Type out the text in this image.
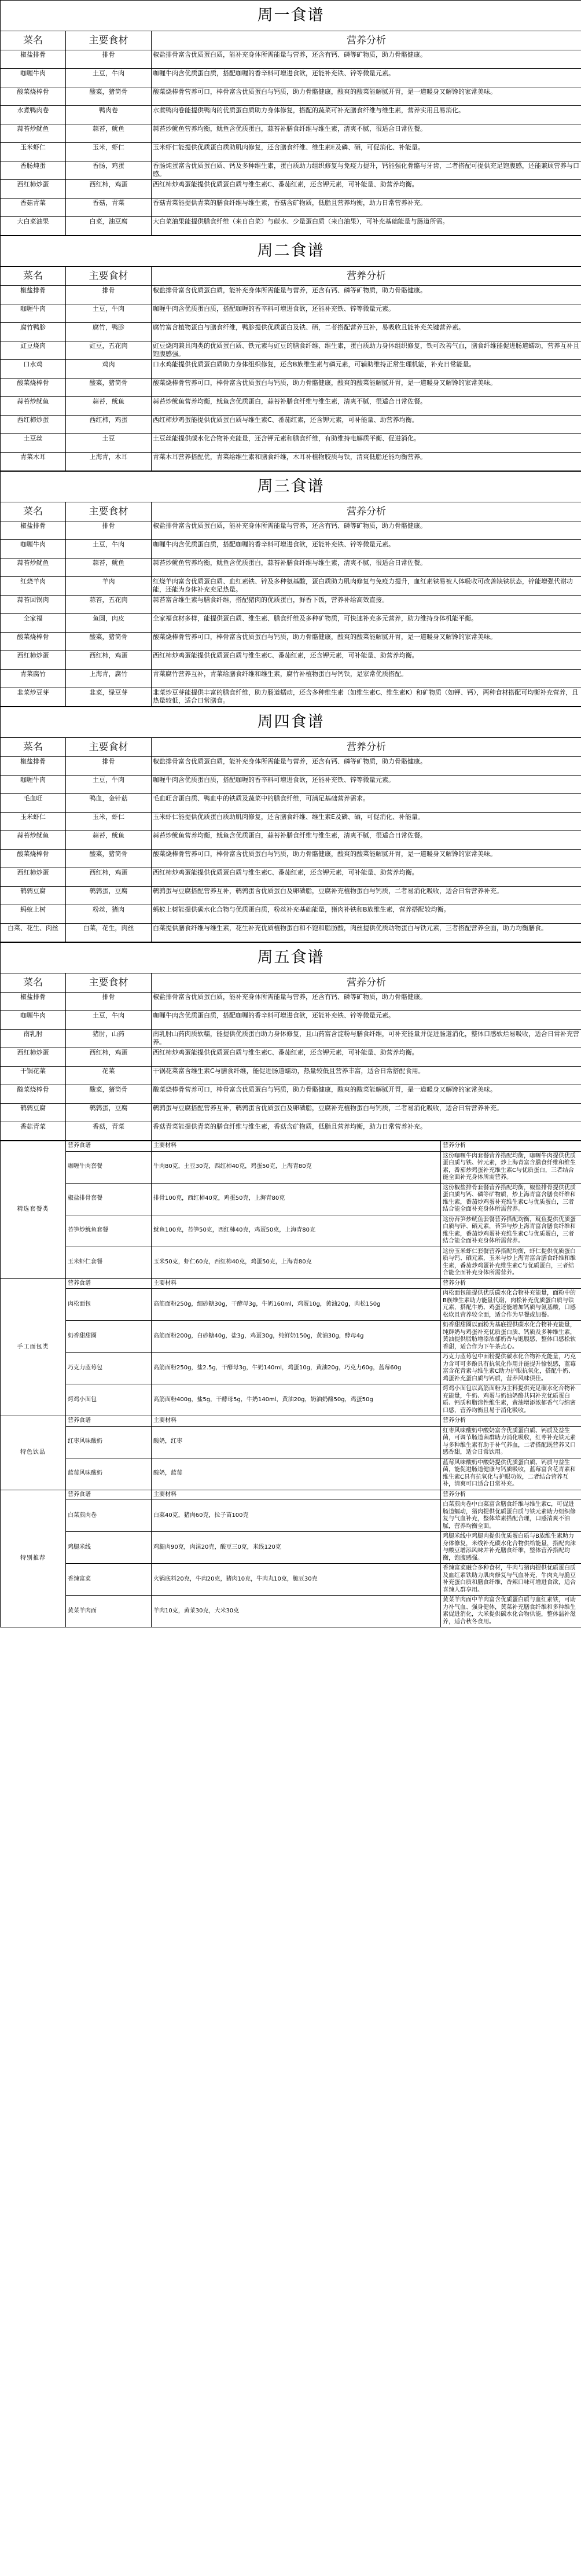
周一食谱		
菜名	主要食材	营养分析
椒盐排骨	排骨	椒盐排骨富含优质蛋白质，能补充身体所需能量与营养，还含有钙、磷等矿物质，助力骨骼健康。
咖喱牛肉	土豆，牛肉	咖喱牛肉含优质蛋白质，搭配咖喱的香辛料可增进食欲，还能补充铁、锌等微量元素。
酸菜烧棒骨	酸菜，猪筒骨	酸菜烧棒骨营养可口，棒骨富含优质蛋白与钙质，助力骨骼健康，酸爽的酸菜能解腻开胃，是一道暖身又解馋的家常美味。
水煮鸭肉卷	鸭肉卷	水煮鸭肉卷能提供鸭肉的优质蛋白质助力身体修复，搭配的蔬菜可补充膳食纤维与维生素，营养实用且易消化。
蒜苔炒鱿鱼	蒜苔，鱿鱼	蒜苔炒鱿鱼营养均衡，鱿鱼含优质蛋白，蒜苔补膳食纤维与维生素，清爽不腻，很适合日常佐餐。
玉米虾仁	玉米，虾仁	玉米虾仁能提供优质蛋白质助肌肉修复，还含膳食纤维、维生素E及磷、硒，可促消化、补能量。
香肠炖蛋	香肠，鸡蛋	香肠炖蛋富含优质蛋白质、钙及多种维生素，蛋白质助力组织修复与免疫力提升，钙能强化骨骼与牙齿，二者搭配可提供充足饱腹感，还能兼顾营养与口感。
西红柿炒蛋	西红柿，鸡蛋	西红柿炒鸡蛋能提供优质蛋白质与维生素C、番茄红素，还含钾元素，可补能量、助营养均衡。
香菇青菜	香菇，青菜	香菇青菜能提供青菜的膳食纤维与维生素，香菇含矿物质，低脂且营养均衡，助力日常营养补充。
大白菜油果	白菜，油豆腐	大白菜油果能提供膳食纤维（来自白菜）与碳水、少量蛋白质（来自油果），可补充基础能量与肠道所需。
周二食谱		
菜名	主要食材	营养分析
椒盐排骨	排骨	椒盐排骨富含优质蛋白质，能补充身体所需能量与营养，还含有钙、磷等矿物质，助力骨骼健康。
咖喱牛肉	土豆，牛肉	咖喱牛肉含优质蛋白质，搭配咖喱的香辛料可增进食欲，还能补充铁、锌等微量元素。
腐竹鸭胗	腐竹，鸭胗	腐竹富含植物蛋白与膳食纤维，鸭胗提供优质蛋白及铁、硒，二者搭配营养互补，易吸收且能补充关键营养素。
豇豆烧肉	豇豆，五花肉	豇豆烧肉兼具肉类的优质蛋白质、铁元素与豇豆的膳食纤维、维生素，蛋白质助力身体组织修复，铁可改善气血，膳食纤维能促进肠道蠕动，营养互补且饱腹感强。
口水鸡	鸡肉	口水鸡能提供优质蛋白质助力身体组织修复，还含B族维生素与磷元素，可辅助维持正常生理机能，补充日常能量。
酸菜烧棒骨	酸菜，猪筒骨	酸菜烧棒骨营养可口，棒骨富含优质蛋白与钙质，助力骨骼健康，酸爽的酸菜能解腻开胃，是一道暖身又解馋的家常美味。
蒜苔炒鱿鱼	蒜苔，鱿鱼	蒜苔炒鱿鱼营养均衡，鱿鱼含优质蛋白，蒜苔补膳食纤维与维生素，清爽不腻，很适合日常佐餐。
西红柿炒蛋	西红柿，鸡蛋	西红柿炒鸡蛋能提供优质蛋白质与维生素C、番茄红素，还含钾元素，可补能量、助营养均衡。
土豆丝	土豆	土豆丝能提供碳水化合物补充能量，还含钾元素和膳食纤维，有助维持电解质平衡、促进消化。
青菜木耳	上海青，木耳	青菜木耳营养搭配优，青菜给维生素和膳食纤维，木耳补植物胶质与铁，清爽低脂还能均衡营养。
周三食谱		
菜名	主要食材	营养分析
椒盐排骨	排骨	椒盐排骨富含优质蛋白质，能补充身体所需能量与营养，还含有钙、磷等矿物质，助力骨骼健康。
咖喱牛肉	土豆，牛肉	咖喱牛肉含优质蛋白质，搭配咖喱的香辛料可增进食欲，还能补充铁、锌等微量元素。
蒜苔炒鱿鱼	蒜苔，鱿鱼	蒜苔炒鱿鱼营养均衡，鱿鱼含优质蛋白，蒜苔补膳食纤维与维生素，清爽不腻，很适合日常佐餐。
红烧羊肉	羊肉	红烧羊肉富含优质蛋白质、血红素铁、锌及多种氨基酸，蛋白质助力肌肉修复与免疫力提升，血红素铁易被人体吸收可改善缺铁状态，锌能增强代谢功能，还能为身体补充充足热量。
蒜苔回锅肉	蒜苔，五花肉	蒜苔富含维生素与膳食纤维，搭配猪肉的优质蛋白，鲜香下饭，营养补给高效直接。
全家福	鱼圆，肉皮	全家福食材多样，能提供蛋白质、维生素、膳食纤维及多种矿物质，可快速补充多元营养，助力维持身体机能平衡。
酸菜烧棒骨	酸菜，猪筒骨	酸菜烧棒骨营养可口，棒骨富含优质蛋白与钙质，助力骨骼健康，酸爽的酸菜能解腻开胃，是一道暖身又解馋的家常美味。
西红柿炒蛋	西红柿，鸡蛋	西红柿炒鸡蛋能提供优质蛋白质与维生素C、番茄红素，还含钾元素，可补能量、助营养均衡。
青菜腐竹	上海青，腐竹	青菜腐竹营养互补，青菜给膳食纤维和维生素，腐竹补植物蛋白与钙铁，是家常优质搭配。
韭菜炒豆芽	韭菜，绿豆芽	韭菜炒豆芽能提供丰富的膳食纤维，助力肠道蠕动，还含多种维生素（如维生素C、维生素K）和矿物质（如钾、钙），两种食材搭配可均衡补充营养，且热量较低，适合日常膳食。
周四食谱		
菜名	主要食材	营养分析
椒盐排骨	排骨	椒盐排骨富含优质蛋白质，能补充身体所需能量与营养，还含有钙、磷等矿物质，助力骨骼健康。
咖喱牛肉	土豆，牛肉	咖喱牛肉含优质蛋白质，搭配咖喱的香辛料可增进食欲，还能补充铁、锌等微量元素。
毛血旺	鸭血，金针菇	毛血旺含蛋白质、鸭血中的铁质及蔬菜中的膳食纤维，可满足基础营养需求。
玉米虾仁	玉米，虾仁	玉米虾仁能提供优质蛋白质助肌肉修复，还含膳食纤维、维生素E及磷、硒，可促消化、补能量。
蒜苔炒鱿鱼	蒜苔，鱿鱼	蒜苔炒鱿鱼营养均衡，鱿鱼含优质蛋白，蒜苔补膳食纤维与维生素，清爽不腻，很适合日常佐餐。
酸菜烧棒骨	酸菜，猪筒骨	酸菜烧棒骨营养可口，棒骨富含优质蛋白与钙质，助力骨骼健康，酸爽的酸菜能解腻开胃，是一道暖身又解馋的家常美味。
西红柿炒蛋	西红柿，鸡蛋	西红柿炒鸡蛋能提供优质蛋白质与维生素C、番茄红素，还含钾元素，可补能量、助营养均衡。
鹌鹑豆腐	鹌鹑蛋，豆腐	鹌鹑蛋与豆腐搭配营养互补，鹌鹑蛋含优质蛋白及卵磷脂，豆腐补充植物蛋白与钙质，二者易消化吸收，适合日常营养补充。
蚂蚁上树	粉丝，猪肉	蚂蚁上树能提供碳水化合物与优质蛋白质，粉丝补充基础能量，猪肉补铁和B族维生素，营养搭配较均衡。
白菜、花生、肉丝	白菜，花生，肉丝	白菜提供膳食纤维与维生素，花生补充优质植物蛋白和不饱和脂肪酸，肉丝提供优质动物蛋白与铁元素，三者搭配营养全面，助力均衡膳食。
周五食谱		
菜名	主要食材	营养分析
椒盐排骨	排骨	椒盐排骨富含优质蛋白质，能补充身体所需能量与营养，还含有钙、磷等矿物质，助力骨骼健康。
咖喱牛肉	土豆，牛肉	咖喱牛肉含优质蛋白质，搭配咖喱的香辛料可增进食欲，还能补充铁、锌等微量元素。
南乳肘	猪肘，山药	南乳肘山药肉质软糯，能提供优质蛋白助力身体修复，且山药富含淀粉与膳食纤维，可补充能量并促进肠道消化，整体口感软烂易吸收，适合日常补充营养。
西红柿炒蛋	西红柿，鸡蛋	西红柿炒鸡蛋能提供优质蛋白质与维生素C、番茄红素，还含钾元素，可补能量、助营养均衡。
干锅花菜	花菜	干锅花菜富含维生素C与膳食纤维，能促进肠道蠕动，热量较低且营养丰富，适合日常搭配食用。
酸菜烧棒骨	酸菜，猪筒骨	酸菜烧棒骨营养可口，棒骨富含优质蛋白与钙质，助力骨骼健康，酸爽的酸菜能解腻开胃，是一道暖身又解馋的家常美味。
鹌鹑豆腐	鹌鹑蛋，豆腐	鹌鹑蛋与豆腐搭配营养互补，鹌鹑蛋含优质蛋白及卵磷脂，豆腐补充植物蛋白与钙质，二者易消化吸收，适合日常营养补充。
香菇青菜	香菇，青菜	香菇青菜能提供青菜的膳食纤维与维生素，香菇含矿物质，低脂且营养均衡，助力日常营养补充。
精选套餐类	营养食谱	主要材料	营养分析
	咖喱牛肉套餐	牛肉80克，土豆30克，西红柿40克，鸡蛋50克，上海青80克	这份咖喱牛肉套餐营养搭配均衡，咖喱牛肉提供优质蛋白质与铁、锌元素，炒上海青富含膳食纤维和维生素，番茄炒鸡蛋补充维生素C与优质蛋白，三者结合能全面补充身体所需营养。
	椒盐排骨套餐	排骨100克，西红柿40克，鸡蛋50克，上海青80克	这份椒盐排骨套餐营养搭配均衡，椒盐排骨提供优质蛋白质与钙、磷等矿物质，炒上海青富含膳食纤维和维生素，番茄炒鸡蛋补充维生素C与优质蛋白，三者结合能全面补充身体所需营养。
	苔笋炒鱿鱼套餐	鱿鱼100克，苔笋50克，西红柿40克，鸡蛋50克，上海青80克	这份苔笋炒鱿鱼套餐营养搭配均衡，鱿鱼提供优质蛋白质与锌、硒元素，苔笋与炒上海青富含膳食纤维和维生素，番茄炒鸡蛋补充维生素C与优质蛋白，三者结合能全面补充身体所需营养。
	玉米虾仁套餐	玉米50克，虾仁60克，西红柿40克，鸡蛋50克，上海青80克	这份玉米虾仁套餐营养搭配均衡，虾仁提供优质蛋白质与钙、硒元素，玉米与炒上海青富含膳食纤维和维生素，番茄炒鸡蛋补充维生素C与优质蛋白，三者结合能全面补充身体所需营养。
手工面包类	营养食谱	主要材料	营养分析
	肉松面包	高筋面粉250g，细砂糖30g，干酵母3g，牛奶160ml，鸡蛋10g，黄油20g，肉松150g	肉松面包能提供优质碳水化合物补充能量，面粉中的B族维生素助力能量代谢，肉松补充优质蛋白质与铁元素，搭配牛奶、鸡蛋还能增加钙质与氨基酸，口感松软且营养较全面，适合作为早餐或加餐。
	奶香甜甜圈	高筋面粉200g，白砂糖40g，盐3g，鸡蛋30g，纯鲜奶150g，黄油30g，酵母4g	奶香甜甜圈以面粉为基底提供碳水化合物补充能量，纯鲜奶与鸡蛋补充优质蛋白质、钙质及多种维生素，黄油提供脂肪增添浓郁奶香与饱腹感，整体口感松软香甜，适合作为下午茶点心。
	巧克力蓝莓包	高筋面粉250g，盐2.5g，干酵母3g，牛奶140ml，鸡蛋10g，黄油20g，巧克力60g，蓝莓60g	巧克力蓝莓包中面粉提供碳水化合物补充能量，巧克力含可可多酚具有抗氧化作用并能提升愉悦感，蓝莓富含花青素与维生素C助力护眼抗氧化，搭配牛奶、鸡蛋补充蛋白质与钙质，营养风味俱佳。
	烤鸡小面包	高筋面粉400g，盐5g，干酵母5g，牛奶140ml，黄油20g，奶油奶酪50g，鸡蛋50g	烤鸡小面包以高筋面粉为主料提供充足碳水化合物补充能量，牛奶、鸡蛋与奶油奶酪共同补充优质蛋白质、钙质和脂溶性维生素，黄油增添浓郁香气与绵密口感，营养均衡且易于消化吸收。
特色饮品	营养食谱	主要材料	营养分析
	红枣风味酸奶	酸奶，红枣	红枣风味酸奶中酸奶富含优质蛋白质、钙质及益生菌，可调节肠道菌群助力消化吸收，红枣补充铁元素与多种维生素有助于补气养血，二者搭配既营养又口感香甜，适合日常饮用。
	蓝莓风味酸奶	酸奶，蓝莓	蓝莓风味酸奶中酸奶提供优质蛋白质、钙质与益生菌，能促进肠道健康与钙质吸收，蓝莓富含花青素和维生素C具有抗氧化与护眼功效，二者结合营养互补，清爽可口适合日常补充。
特别推荐	营养食谱	主要材料	营养分析
	白菜煎肉卷	白菜40克，猪肉60克，拉子苗100克	白菜煎肉卷中白菜富含膳食纤维与维生素C，可促进肠道蠕动，猪肉提供优质蛋白质与铁元素助力组织修复与气血补充，整体荤素搭配合理，口感清爽不油腻，营养均衡全面。
	鸡腿米线	鸡腿肉90克，肉沫20克，酸豆三0克，米线120克	鸡腿米线中鸡腿肉提供优质蛋白质与B族维生素助力身体修复，米线补充碳水化合物供给能量，搭配肉沫与酸豆增添风味并补充膳食纤维，整体营养搭配均衡，饱腹感强。
	香辣富菜	火锅底料20克，牛肉20克，猪肉10克，牛肉丸10克，脆豆30克	香辣富菜融合多种食材，牛肉与猪肉提供优质蛋白质及血红素铁助力肌肉修复与气血补充，牛肉丸与脆豆补充蛋白质和膳食纤维，香辣口味可增进食欲，适合喜辣人群享用。
	黄菜羊肉面	羊肉10克，黄菜30克，大米30克	黄菜羊肉面中羊肉富含优质蛋白质与血红素铁，可助力补气血、强身健体，黄菜补充膳食纤维和多种维生素促进消化，大米提供碳水化合物供能，整体温补滋养，适合秋冬食用。
